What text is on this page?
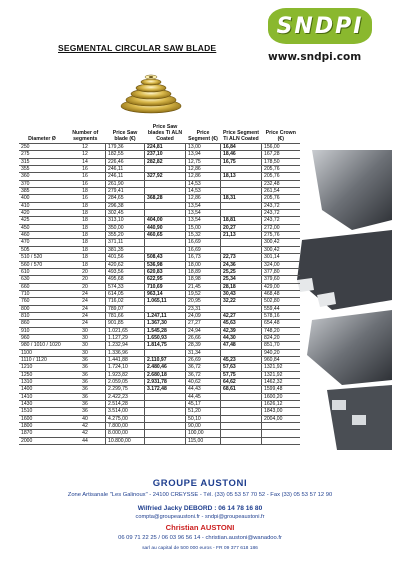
SNDPI
www.sndpi.com
SEGMENTAL CIRCULAR SAW BLADE
Diameter Ø	Number of segments	Price Saw blade (€)	Price Saw blades Ti ALN Coated	Price Segment (€)	Price Segment Ti ALN Coated	Price Crown (€)
250	12	179,36	224,81	13,00	16,84	156,00
275	12	182,55	237,10	13,94	18,46	167,28
315	14	226,46	282,82	12,75	16,75	178,50
355	16	246,11		12,86		205,76
360	16	246,11	327,92	12,86	18,13	205,76
370	16	261,90		14,53		232,48
385	18	279,41		14,53		261,54
400	16	284,65	368,28	12,86	18,31	205,76
410	18	296,38		13,54		243,72
420	18	302,45		13,54		243,72
425	18	313,10	404,00	13,54	18,81	243,72
450	18	350,00	440,90	15,00	20,27	272,00
460	18	355,20	460,65	15,32	21,13	275,76
470	18	371,11		16,69		300,42
505	18	381,35		16,69		300,42
510 / 520	18	401,56	508,43	16,73	22,73	301,14
560 / 570	18	420,62	536,98	18,00	24,36	324,00
610	20	493,56	620,83	18,89	25,25	377,80
630	20	495,68	622,95	18,98	25,34	379,60
660	20	574,33	710,69	21,45	28,18	429,00
710	24	614,05	963,14	19,52	30,43	468,48
760	24	716,02	1.065,11	20,95	32,22	502,80
800	24	789,07		23,31		559,44
810	24	781,66	1.247,11	24,09	42,27	578,16
860	24	901,85	1.367,30	27,27	45,63	654,48
910	30	1.021,65	1.545,28	24,94	42,39	748,20
960	30	1.127,29	1.650,93	26,66	44,30	824,20
980 / 1010 / 1020	30	1.232,94	1.814,75	28,39	47,48	851,70
1100	30	1.336,96		31,34		940,20
1110 / 1120	36	1.441,88	2.110,97	26,69	45,23	960,84
1210	36	1.724,10	2.480,46	36,72	57,63	1321,92
1250	36	1.923,82	2.680,18	36,72	57,75	1321,92
1310	36	2.059,05	2.931,78	40,62	64,62	1462,32
1400	36	2.299,75	3.172,48	44,43	68,61	1599,48
1410	36	2.422,23		44,45		1600,20
1430	36	2.514,28		45,17		1626,12
1510	36	3.514,00		51,20		1843,00
1600	40	4.275,00		50,10		2004,00
1800	42	7.800,00		90,00		
1870	42	8.000,00		100,00		
2000	44	10.800,00		115,00		
GROUPE AUSTONI
Zone Artisanale "Les Galinoux" - 24100 CREYSSE - Tél. (33) 05 53 57 70 52 - Fax (33) 05 53 57 12 90
Wilfried Jacky DEBORD : 06 14 78 16 80
compta@groupeaustoni.fr - sndpi@groupeaustoni.fr
Christian AUSTONI
06 09 71 22 25 / 06 03 96 56 14 - christian.austoni@wanadoo.fr
sarl au capital de 500 000 euros - FR 09 377 618 186
